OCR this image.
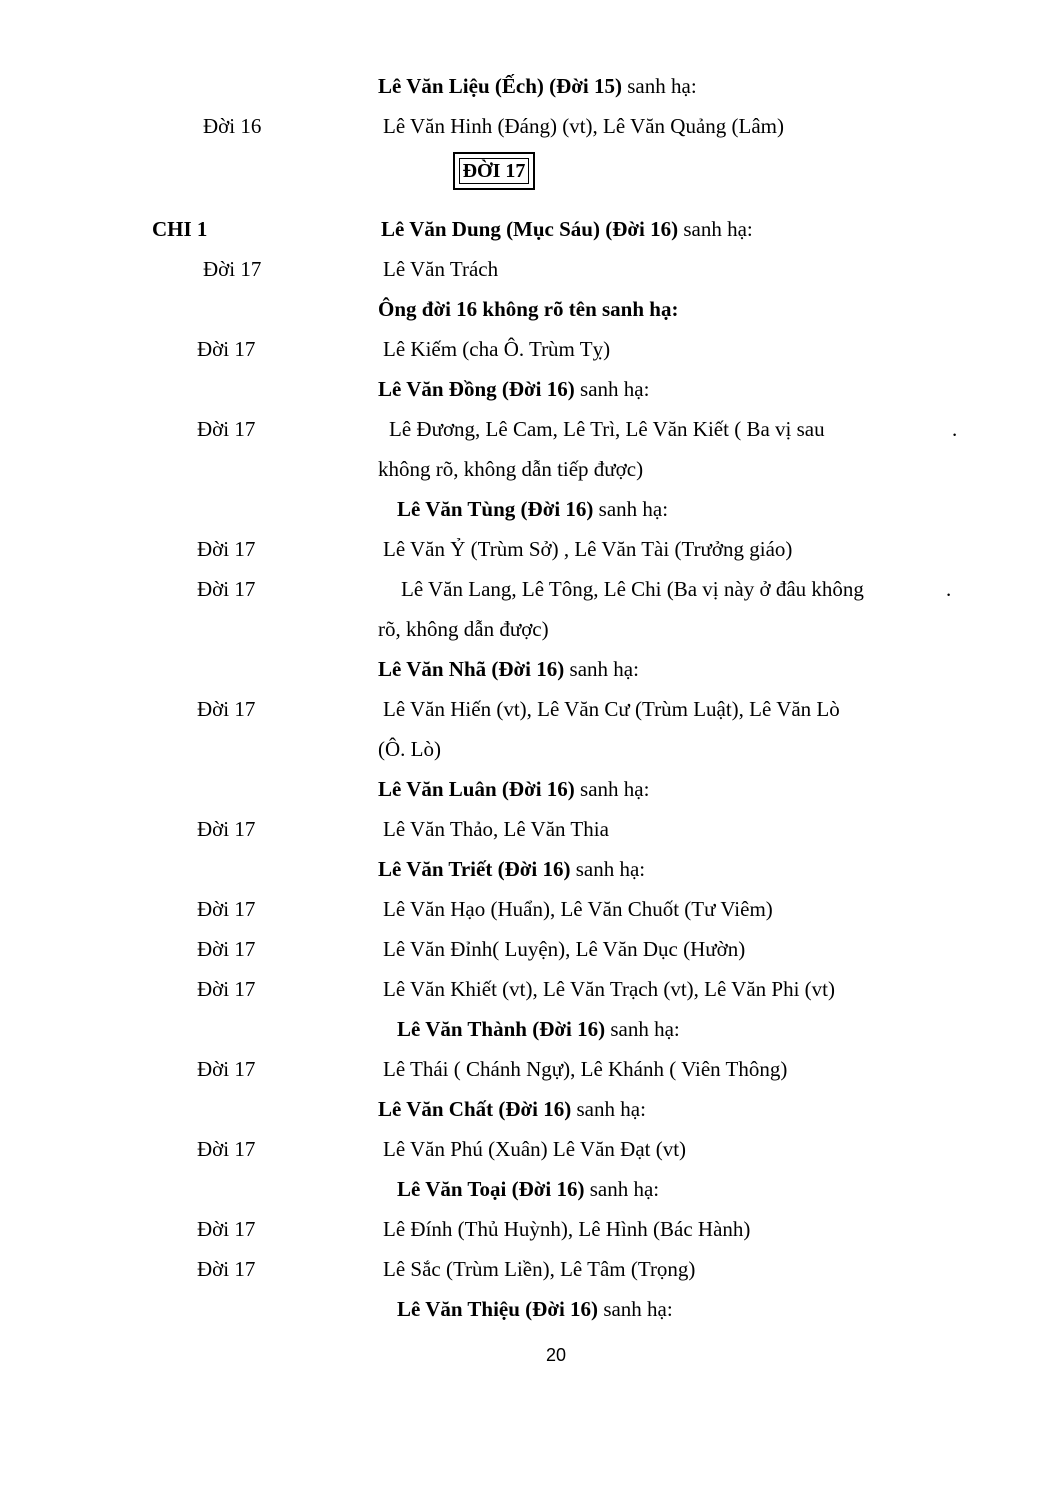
Lê Văn Liệu (Ếch) (Đời 15) sanh hạ:
Đời 16	Lê Văn Hinh (Đáng) (vt), Lê Văn Quảng (Lâm)
ĐỜI 17
CHI 1	Lê Văn Dung (Mục Sáu) (Đời 16) sanh hạ:
Đời 17	Lê Văn Trách
Ông đời 16 không rõ tên sanh hạ:
Đời 17	Lê Kiếm (cha Ô. Trùm Tỵ)
Lê Văn Đồng (Đời 16) sanh hạ:
Đời 17	Lê Đương, Lê Cam, Lê Trì, Lê Văn Kiết ( Ba vị sau	.
không rõ, không dẫn tiếp được)
Lê Văn Tùng (Đời 16) sanh hạ:
Đời 17	Lê Văn Ỷ (Trùm Sở) , Lê Văn Tài (Trưởng giáo)
Đời 17	Lê Văn Lang, Lê Tông, Lê Chi (Ba vị này ở đâu không	.
rõ, không dẫn được)
Lê Văn Nhã (Đời 16) sanh hạ:
Đời 17	Lê Văn Hiến (vt), Lê Văn Cư (Trùm Luật), Lê Văn Lò
(Ô. Lò)
Lê Văn Luân (Đời 16) sanh hạ:
Đời 17	Lê Văn Thảo, Lê Văn Thia
Lê Văn Triết (Đời 16) sanh hạ:
Đời 17	Lê Văn Hạo (Huẩn), Lê Văn Chuốt (Tư Viêm)
Đời 17	Lê Văn Đỉnh( Luyện), Lê Văn Dục (Hườn)
Đời 17	Lê Văn Khiết (vt), Lê Văn Trạch (vt), Lê Văn Phi (vt)
Lê Văn Thành (Đời 16) sanh hạ:
Đời 17	Lê Thái ( Chánh Ngự), Lê Khánh ( Viên Thông)
Lê Văn Chất (Đời 16) sanh hạ:
Đời 17	Lê Văn Phú (Xuân) Lê Văn Đạt (vt)
Lê Văn Toại (Đời 16) sanh hạ:
Đời 17	Lê Đính (Thủ Huỳnh), Lê Hình (Bác Hành)
Đời 17	Lê Sắc (Trùm Liền), Lê Tâm (Trọng)
Lê Văn Thiệu (Đời 16) sanh hạ:
20
